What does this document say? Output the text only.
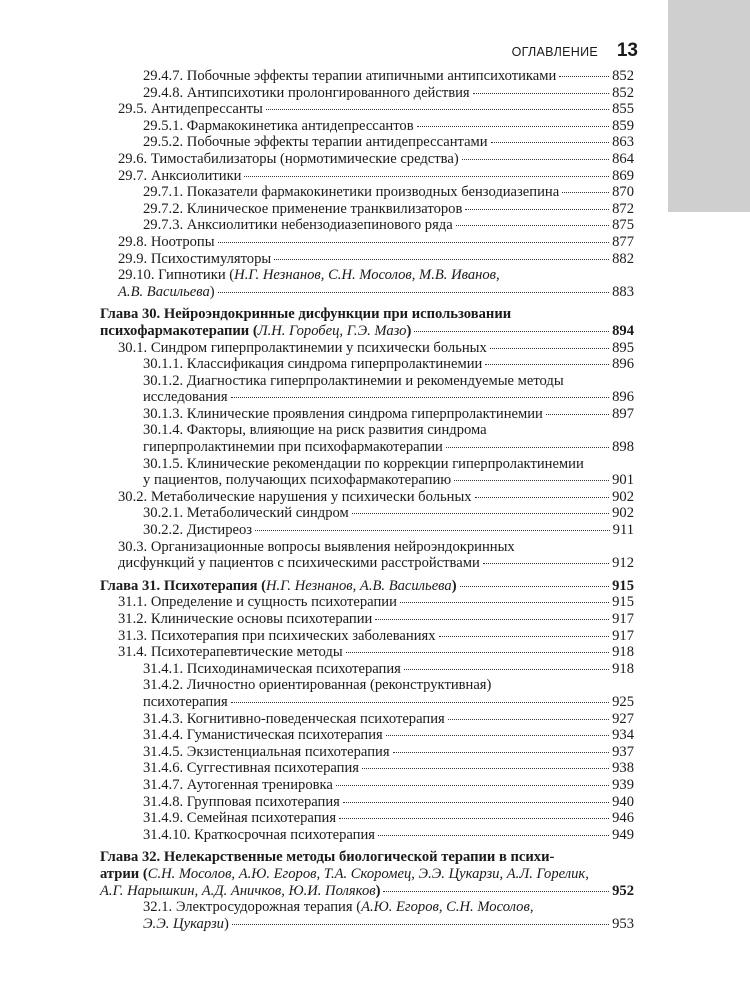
ОГЛАВЛЕНИЕ 13
29.4.7. Побочные эффекты терапии атипичными антипсихотиками	852
29.4.8. Антипсихотики пролонгированного действия	852
29.5. Антидепрессанты	855
29.5.1. Фармакокинетика антидепрессантов	859
29.5.2. Побочные эффекты терапии антидепрессантами	863
29.6. Тимостабилизаторы (нормотимические средства)	864
29.7. Анксиолитики	869
29.7.1. Показатели фармакокинетики производных бензодиазепина	870
29.7.2. Клиническое применение транквилизаторов	872
29.7.3. Анксиолитики небензодиазепинового ряда	875
29.8. Ноотропы	877
29.9. Психостимуляторы	882
29.10. Гипнотики (Н.Г. Незнанов, С.Н. Мосолов, М.В. Иванов,
А.В. Васильева)	883
Глава 30. Нейроэндокринные дисфункции при использовании
психофармакотерапии (Л.Н. Горобец, Г.Э. Мазо)	894
30.1. Синдром гиперпролактинемии у психически больных	895
30.1.1. Классификация синдрома гиперпролактинемии	896
30.1.2. Диагностика гиперпролактинемии и рекомендуемые методы
исследования	896
30.1.3. Клинические проявления синдрома гиперпролактинемии	897
30.1.4. Факторы, влияющие на риск развития синдрома
гиперпролактинемии при психофармакотерапии	898
30.1.5. Клинические рекомендации по коррекции гиперпролактинемии
у пациентов, получающих психофармакотерапию	901
30.2. Метаболические нарушения у психически больных	902
30.2.1. Метаболический синдром	902
30.2.2. Дистиреоз	911
30.3. Организационные вопросы выявления нейроэндокринных
дисфункций у пациентов с психическими расстройствами	912
Глава 31. Психотерапия (Н.Г. Незнанов, А.В. Васильева)	915
31.1. Определение и сущность психотерапии	915
31.2. Клинические основы психотерапии	917
31.3. Психотерапия при психических заболеваниях	917
31.4. Психотерапевтические методы	918
31.4.1. Психодинамическая психотерапия	918
31.4.2. Личностно ориентированная (реконструктивная)
психотерапия	925
31.4.3. Когнитивно-поведенческая психотерапия	927
31.4.4. Гуманистическая психотерапия	934
31.4.5. Экзистенциальная психотерапия	937
31.4.6. Суггестивная психотерапия	938
31.4.7. Аутогенная тренировка	939
31.4.8. Групповая психотерапия	940
31.4.9. Семейная психотерапия	946
31.4.10. Краткосрочная психотерапия	949
Глава 32. Нелекарственные методы биологической терапии в психи-
атрии (С.Н. Мосолов, А.Ю. Егоров, Т.А. Скоромец, Э.Э. Цукарзи, А.Л. Горелик,
А.Г. Нарышкин, А.Д. Аничков, Ю.И. Поляков)	952
32.1. Электросудорожная терапия (А.Ю. Егоров, С.Н. Мосолов,
Э.Э. Цукарзи)	953
